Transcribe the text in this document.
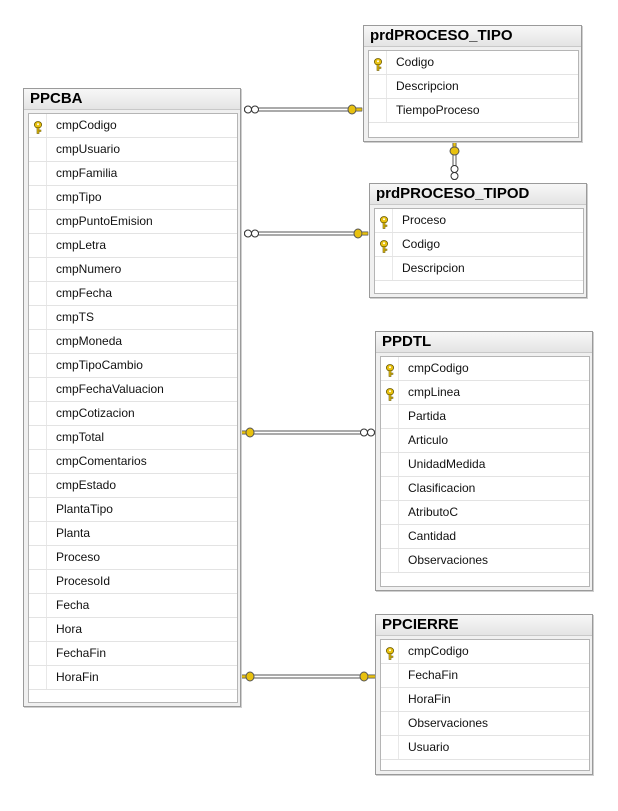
PPCBA
cmpCodigo
cmpUsuario
cmpFamilia
cmpTipo
cmpPuntoEmision
cmpLetra
cmpNumero
cmpFecha
cmpTS
cmpMoneda
cmpTipoCambio
cmpFechaValuacion
cmpCotizacion
cmpTotal
cmpComentarios
cmpEstado
PlantaTipo
Planta
Proceso
ProcesoId
Fecha
Hora
FechaFin
HoraFin
prdPROCESO_TIPO
Codigo
Descripcion
TiempoProceso
prdPROCESO_TIPOD
Proceso
Codigo
Descripcion
PPDTL
cmpCodigo
cmpLinea
Partida
Articulo
UnidadMedida
Clasificacion
AtributoC
Cantidad
Observaciones
PPCIERRE
cmpCodigo
FechaFin
HoraFin
Observaciones
Usuario
